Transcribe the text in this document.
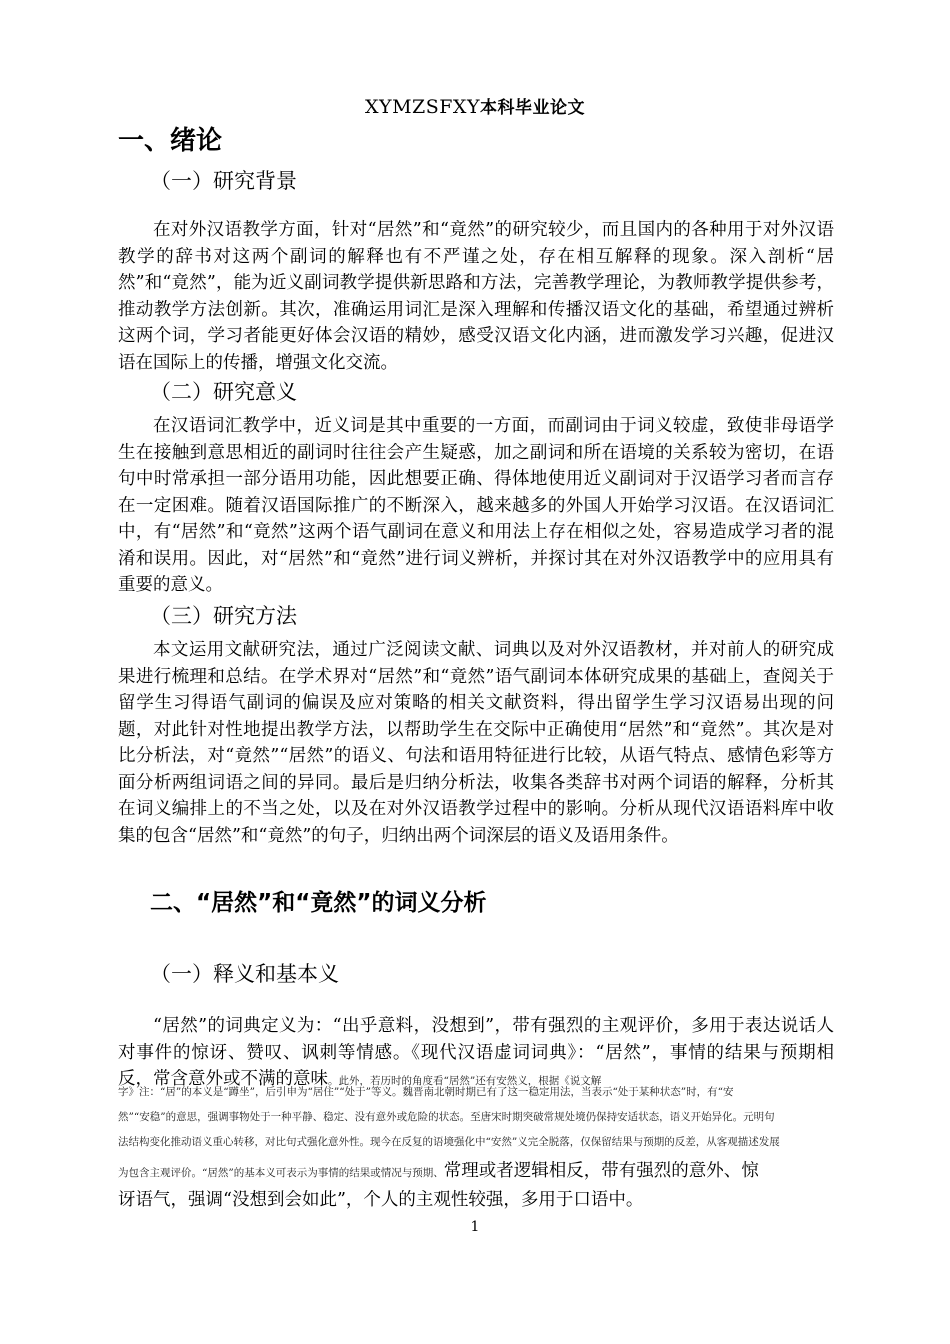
XYMZSFXY本科毕业论文
一、绪论
（一）研究背景

在对外汉语教学方面，针对“居然”和“竟然”的研究较少，而且国内的各种用于对外汉语教学的辞书对这两个副词的解释也有不严谨之处，存在相互解释的现象。深入剖析“居然”和“竟然”，能为近义副词教学提供新思路和方法，完善教学理论，为教师教学提供参考，推动教学方法创新。其次，准确运用词汇是深入理解和传播汉语文化的基础，希望通过辨析这两个词，学习者能更好体会汉语的精妙，感受汉语文化内涵，进而激发学习兴趣，促进汉语在国际上的传播，增强文化交流。

（二）研究意义

在汉语词汇教学中，近义词是其中重要的一方面，而副词由于词义较虚，致使非母语学生在接触到意思相近的副词时往往会产生疑惑，加之副词和所在语境的关系较为密切，在语句中时常承担一部分语用功能，因此想要正确、得体地使用近义副词对于汉语学习者而言存在一定困难。随着汉语国际推广的不断深入，越来越多的外国人开始学习汉语。在汉语词汇中，有“居然”和“竟然”这两个语气副词在意义和用法上存在相似之处，容易造成学习者的混淆和误用。因此，对“居然”和“竟然”进行词义辨析，并探讨其在对外汉语教学中的应用具有重要的意义。

（三）研究方法

本文运用文献研究法，通过广泛阅读文献、词典以及对外汉语教材，并对前人的研究成果进行梳理和总结。在学术界对“居然”和“竟然”语气副词本体研究成果的基础上，查阅关于留学生习得语气副词的偏误及应对策略的相关文献资料，得出留学生学习汉语易出现的问题，对此针对性地提出教学方法，以帮助学生在交际中正确使用“居然”和“竟然”。其次是对比分析法，对“竟然”“居然”的语义、句法和语用特征进行比较，从语气特点、感情色彩等方面分析两组词语之间的异同。最后是归纳分析法，收集各类辞书对两个词语的解释，分析其在词义编排上的不当之处，以及在对外汉语教学过程中的影响。分析从现代汉语语料库中收集的包含“居然”和“竟然”的句子，归纳出两个词深层的语义及语用条件。

二、“居然”和“竟然”的词义分析
（一）释义和基本义

“居然”的词典定义为：“出乎意料，没想到”，带有强烈的主观评价，多用于表达说话人对事件的惊讶、赞叹、讽刺等情感。《现代汉语虚词词典》：“居然”，事情的结果与预期相反，常含意外或不满的意味。此外，若历时的角度看“居然”还有安然义，根据《说文解

字》注：“居”的本义是“蹲坐”，后引申为“居住”“处于”等义。魏晋南北朝时期已有了这一稳定用法，当表示“处于某种状态”时，有“安
然”“安稳”的意思，强调事物处于一种平静、稳定、没有意外或危险的状态。至唐宋时期突破常规处境仍保持安适状态，语义开始异化。元明句
法结构变化推动语义重心转移，对比句式强化意外性。现今在反复的语境强化中“安然”义完全脱落，仅保留结果与预期的反差，从客观描述发展
为包含主观评价。“居然”的基本义可表示为事情的结果或情况与预期、常理或者逻辑相反，带有强烈的意外、惊
讶语气，强调“没想到会如此”，个人的主观性较强，多用于口语中。
1
